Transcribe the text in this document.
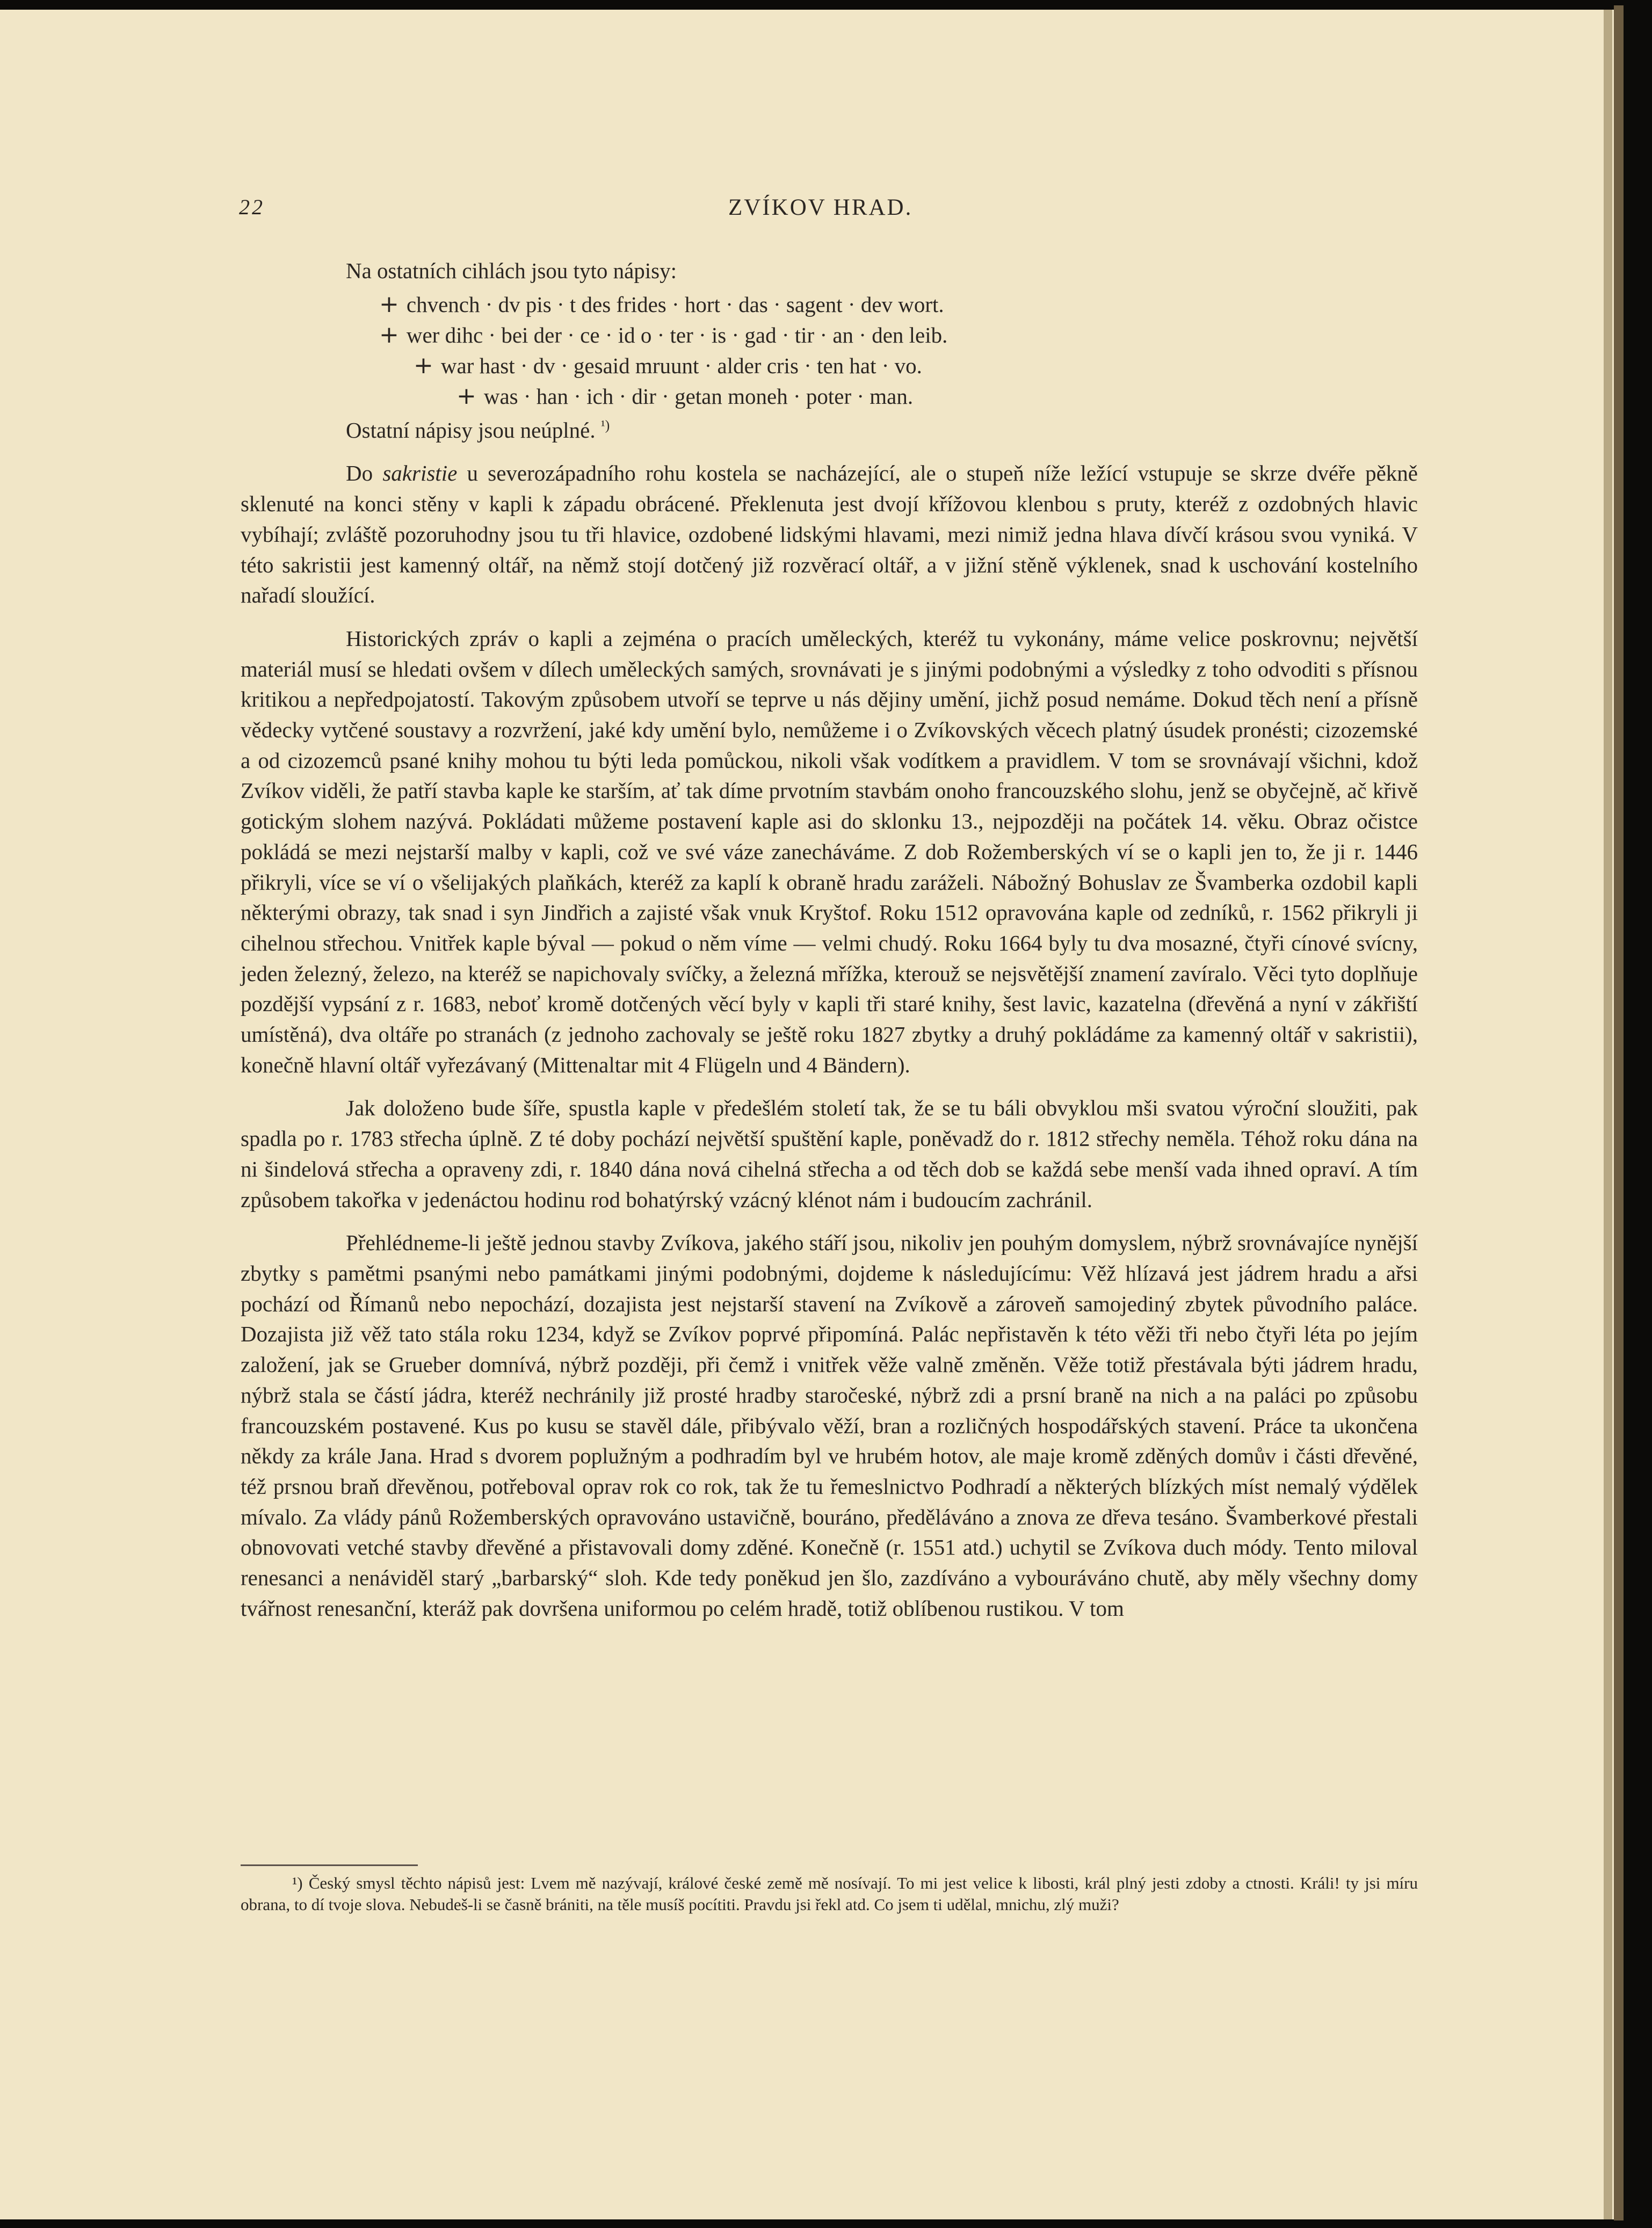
22	ZVÍKOV HRAD.

Na ostatních cihlách jsou tyto nápisy:

+ chvench · dv pis · t des frides · hort · das · sagent · dev wort.
+ wer dihc · bei der · ce · id o · ter · is · gad · tir · an · den leib.
+ war hast · dv · gesaid mruunt · alder cris · ten hat · vo.
+ was · han · ich · dir · getan moneh · poter · man.

Ostatní nápisy jsou neúplné. $^{^1)}$

Do sakristie u severozápadního rohu kostela se nacházející, ale o stupeň níže ležící vstupuje se skrze dvéře pěkně sklenuté na konci stěny v kapli k západu obrácené. Překlenuta jest dvojí křížovou klenbou s pruty, kteréž z ozdobných hlavic vybíhají; zvláště pozoruhodny jsou tu tři hlavice, ozdobené lidskými hlavami, mezi nimiž jedna hlava dívčí krásou svou vyniká. V této sakristii jest kamenný oltář, na němž stojí dotčený již rozvěrací oltář, a v jižní stěně výklenek, snad k uschování kostelního nařadí sloužící.

Historických zpráv o kapli a zejména o pracích uměleckých, kteréž tu vykonány, máme velice poskrovnu; největší materiál musí se hledati ovšem v dílech uměleckých samých, srovnávati je s jinými podobnými a výsledky z toho odvoditi s přísnou kritikou a nepředpojatostí. Takovým způsobem utvoří se teprve u nás dějiny umění, jichž posud nemáme. Dokud těch není a přísně vědecky vytčené soustavy a rozvržení, jaké kdy umění bylo, nemůžeme i o Zvíkovských věcech platný úsudek pronésti; cizozemské a od cizozemců psané knihy mohou tu býti leda pomůckou, nikoli však vodítkem a pravidlem. V tom se srovnávají všichni, kdož Zvíkov viděli, že patří stavba kaple ke starším, ať tak díme prvotním stavbám onoho francouzského slohu, jenž se obyčejně, ač křivě gotickým slohem nazývá. Pokládati můžeme postavení kaple asi do sklonku 13., nejpozději na počátek 14. věku. Obraz očistce pokládá se mezi nejstarší malby v kapli, což ve své váze zanecháváme. Z dob Rožemberských ví se o kapli jen to, že ji r. 1446 přikryli, více se ví o všelijakých plaňkách, kteréž za kaplí k obraně hradu zaráželi. Nábožný Bohuslav ze Švamberka ozdobil kapli některými obrazy, tak snad i syn Jindřich a zajisté však vnuk Kryštof. Roku 1512 opravována kaple od zedníků, r. 1562 přikryli ji cihelnou střechou. Vnitřek kaple býval — pokud o něm víme — velmi chudý. Roku 1664 byly tu dva mosazné, čtyři cínové svícny, jeden železný, železo, na kteréž se napichovaly svíčky, a železná mřížka, kterouž se nejsvětější znamení zavíralo. Věci tyto doplňuje pozdější vypsání z r. 1683, neboť kromě dotčených věcí byly v kapli tři staré knihy, šest lavic, kazatelna (dřevěná a nyní v zákřiští umístěná), dva oltáře po stranách (z jednoho zachovaly se ještě roku 1827 zbytky a druhý pokládáme za kamenný oltář v sakristii), konečně hlavní oltář vyřezávaný (Mittenaltar mit 4 Flügeln und 4 Bändern).

Jak doloženo bude šíře, spustla kaple v předešlém století tak, že se tu báli obvyklou mši svatou výroční sloužiti, pak spadla po r. 1783 střecha úplně. Z té doby pochází největší spuštění kaple, poněvadž do r. 1812 střechy neměla. Téhož roku dána na ni šindelová střecha a opraveny zdi, r. 1840 dána nová cihelná střecha a od těch dob se každá sebe menší vada ihned opraví. A tím způsobem takořka v jedenáctou hodinu rod bohatýrský vzácný klénot nám i budoucím zachránil.

Přehlédneme-li ještě jednou stavby Zvíkova, jakého stáří jsou, nikoliv jen pouhým domyslem, nýbrž srovnávajíce nynější zbytky s pamětmi psanými nebo památkami jinými podobnými, dojdeme k následujícímu: Věž hlízavá jest jádrem hradu a ařsi pochází od Římanů nebo nepochází, dozajista jest nejstarší stavení na Zvíkově a zároveň samojediný zbytek původního paláce. Dozajista již věž tato stála roku 1234, když se Zvíkov poprvé připomíná. Palác nepřistavěn k této věži tři nebo čtyři léta po jejím založení, jak se Grueber domnívá, nýbrž později, při čemž i vnitřek věže valně změněn. Věže totiž přestávala býti jádrem hradu, nýbrž stala se částí jádra, kteréž nechránily již prosté hradby staročeské, nýbrž zdi a prsní braně na nich a na paláci po způsobu francouzském postavené. Kus po kusu se stavěl dále, přibývalo věží, bran a rozličných hospodářských stavení. Práce ta ukončena někdy za krále Jana. Hrad s dvorem poplužným a podhradím byl ve hrubém hotov, ale maje kromě zděných domův i části dřevěné, též prsnou braň dřevěnou, potřeboval oprav rok co rok, tak že tu řemeslnictvo Podhradí a některých blízkých míst nemalý výdělek mívalo. Za vlády pánů Rožemberských opravováno ustavičně, bouráno, předěláváno a znova ze dřeva tesáno. Švamberkové přestali obnovovati vetché stavby dřevěné a přistavovali domy zděné. Konečně (r. 1551 atd.) uchytil se Zvíkova duch módy. Tento miloval renesanci a nenáviděl starý „barbarský“ sloh. Kde tedy poněkud jen šlo, zazdíváno a vybouráváno chutě, aby měly všechny domy tvářnost renesanční, kteráž pak dovršena uniformou po celém hradě, totiž oblíbenou rustikou. V tom

¹) Český smysl těchto nápisů jest: Lvem mě nazývají, králové české země mě nosívají. To mi jest velice k libosti, král plný jesti zdoby a ctnosti. Králi! ty jsi míru obrana, to dí tvoje slova. Nebudeš-li se časně brániti, na těle musíš pocítiti. Pravdu jsi řekl atd. Co jsem ti udělal, mnichu, zlý muži?
